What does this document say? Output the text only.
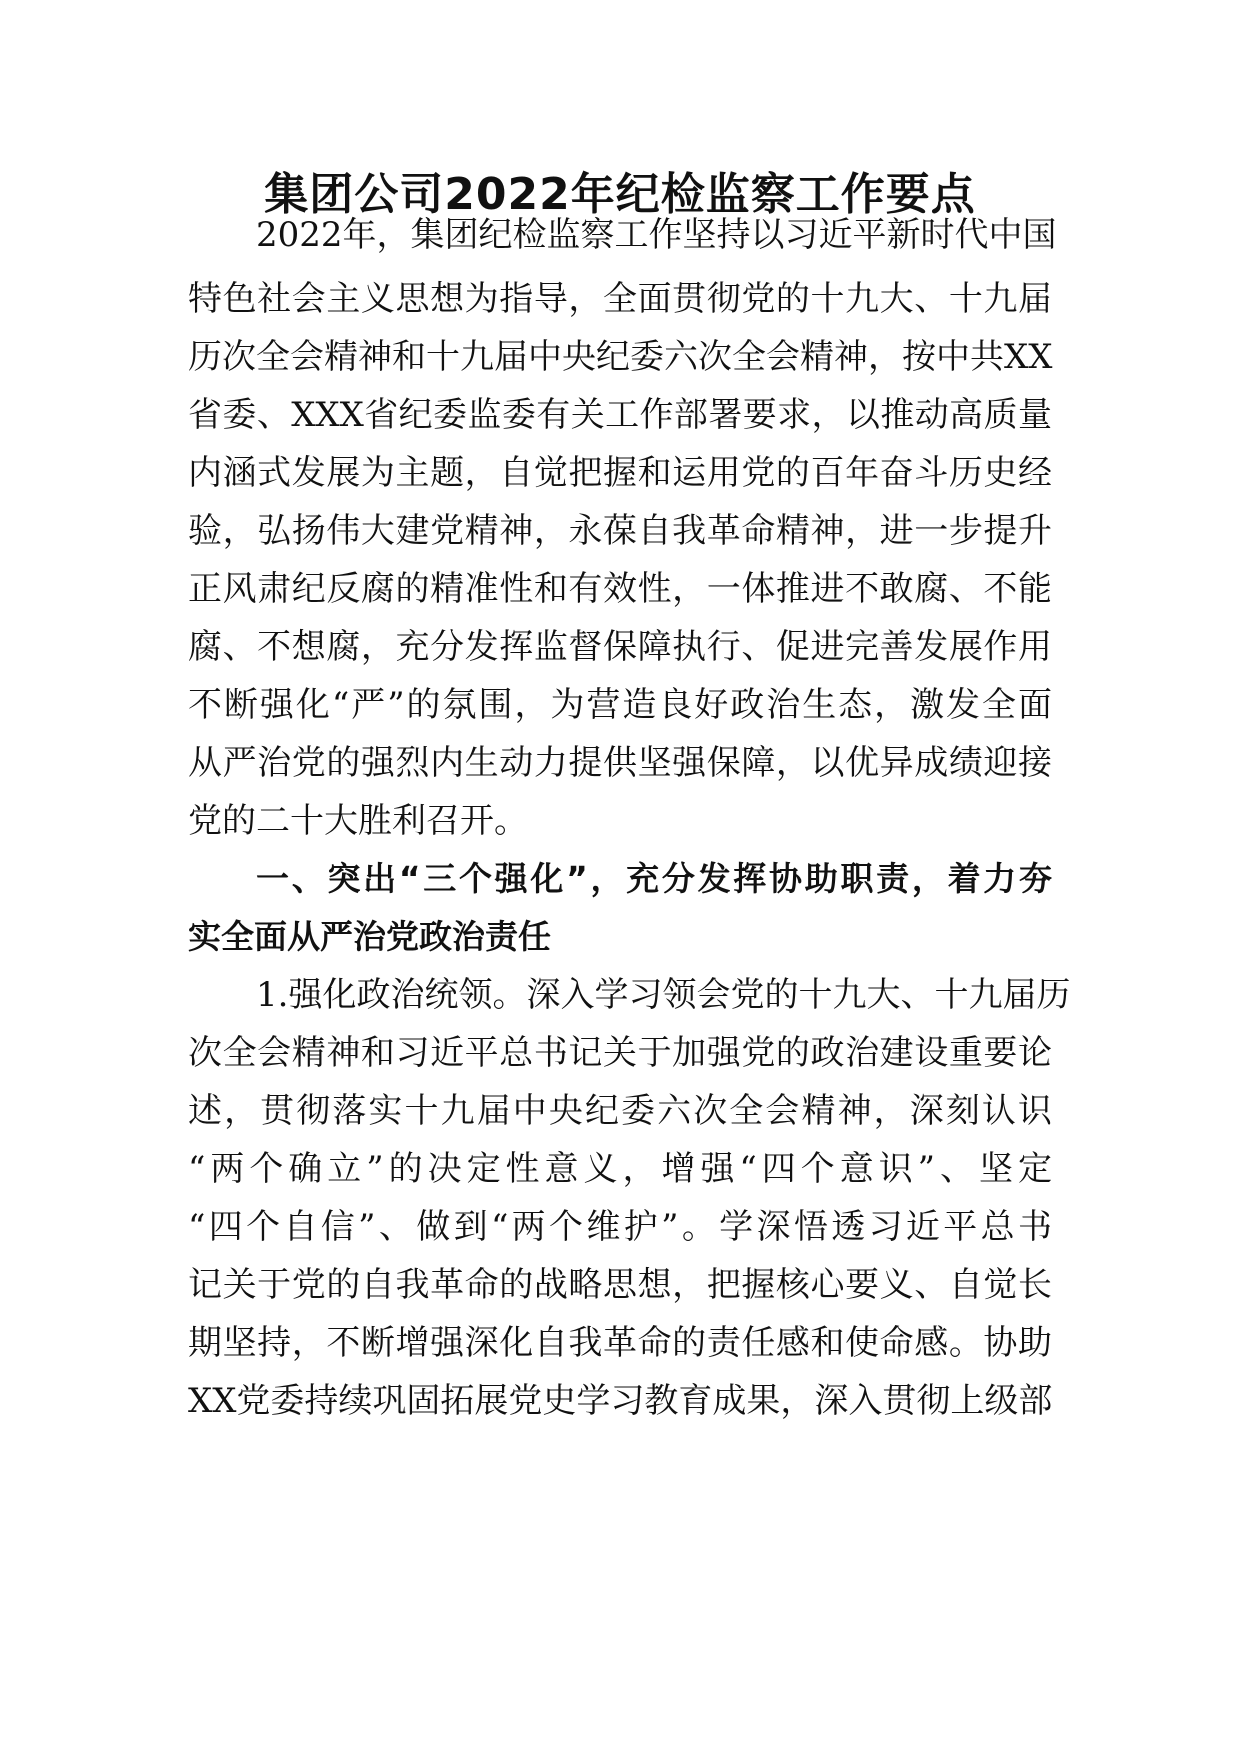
集团公司2022年纪检监察工作要点
2022年，集团纪检监察工作坚持以习近平新时代中国
特色社会主义思想为指导，全面贯彻党的十九大、十九届
历次全会精神和十九届中央纪委六次全会精神，按中共XX
省委、XXX省纪委监委有关工作部署要求，以推动高质量
内涵式发展为主题，自觉把握和运用党的百年奋斗历史经
验，弘扬伟大建党精神，永葆自我革命精神，进一步提升
正风肃纪反腐的精准性和有效性，一体推进不敢腐、不能
腐、不想腐，充分发挥监督保障执行、促进完善发展作用
不断强化“严”的氛围，为营造良好政治生态，激发全面
从严治党的强烈内生动力提供坚强保障，以优异成绩迎接
党的二十大胜利召开。
一、突出“三个强化”，充分发挥协助职责，着力夯
实全面从严治党政治责任
1.强化政治统领。深入学习领会党的十九大、十九届历
次全会精神和习近平总书记关于加强党的政治建设重要论
述，贯彻落实十九届中央纪委六次全会精神，深刻认识
“两个确立”的决定性意义，增强“四个意识”、坚定
“四个自信”、做到“两个维护”。学深悟透习近平总书
记关于党的自我革命的战略思想，把握核心要义、自觉长
期坚持，不断增强深化自我革命的责任感和使命感。协助
XX党委持续巩固拓展党史学习教育成果，深入贯彻上级部
